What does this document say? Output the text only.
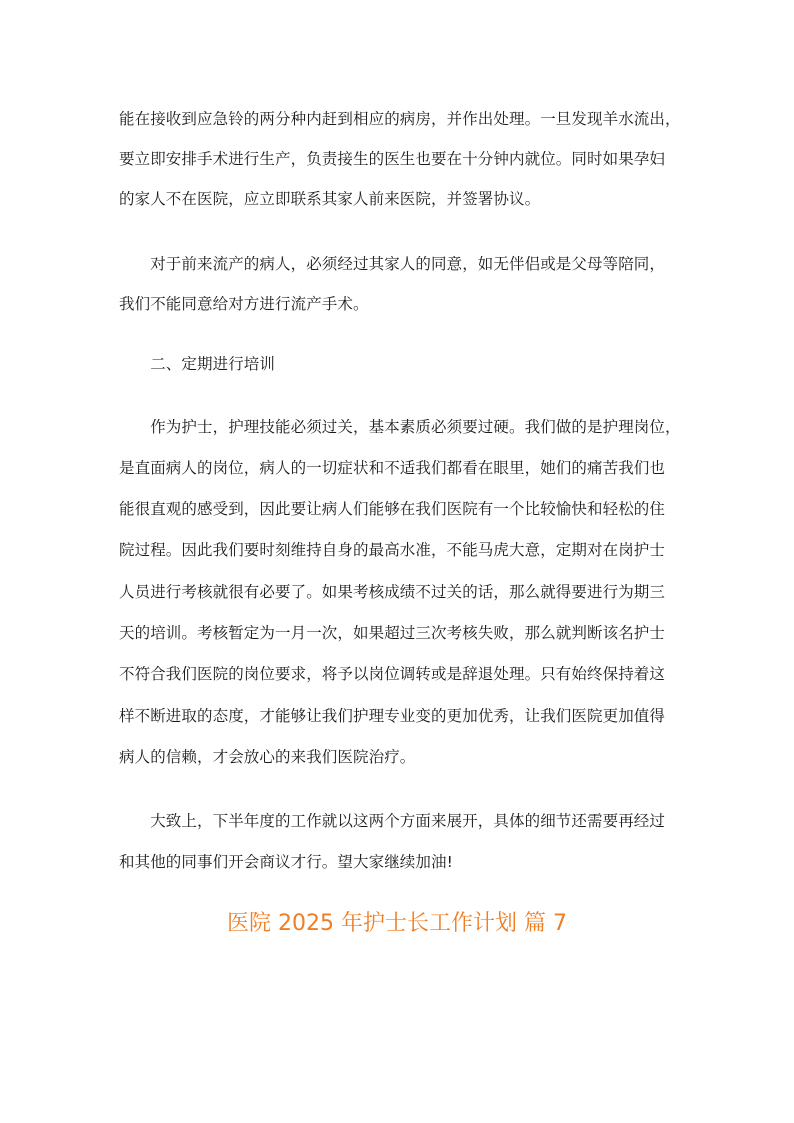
能在接收到应急铃的两分种内赶到相应的病房，并作出处理。一旦发现羊水流出，
要立即安排手术进行生产，负责接生的医生也要在十分钟内就位。同时如果孕妇
的家人不在医院，应立即联系其家人前来医院，并签署协议。
　　对于前来流产的病人，必须经过其家人的同意，如无伴侣或是父母等陪同，
我们不能同意给对方进行流产手术。
　　二、定期进行培训
　　作为护士，护理技能必须过关，基本素质必须要过硬。我们做的是护理岗位，
是直面病人的岗位，病人的一切症状和不适我们都看在眼里，她们的痛苦我们也
能很直观的感受到，因此要让病人们能够在我们医院有一个比较愉快和轻松的住
院过程。因此我们要时刻维持自身的最高水准，不能马虎大意，定期对在岗护士
人员进行考核就很有必要了。如果考核成绩不过关的话，那么就得要进行为期三
天的培训。考核暂定为一月一次，如果超过三次考核失败，那么就判断该名护士
不符合我们医院的岗位要求，将予以岗位调转或是辞退处理。只有始终保持着这
样不断进取的态度，才能够让我们护理专业变的更加优秀，让我们医院更加值得
病人的信赖，才会放心的来我们医院治疗。
　　大致上，下半年度的工作就以这两个方面来展开，具体的细节还需要再经过
和其他的同事们开会商议才行。望大家继续加油!
医院 2025 年护士长工作计划 篇 7
